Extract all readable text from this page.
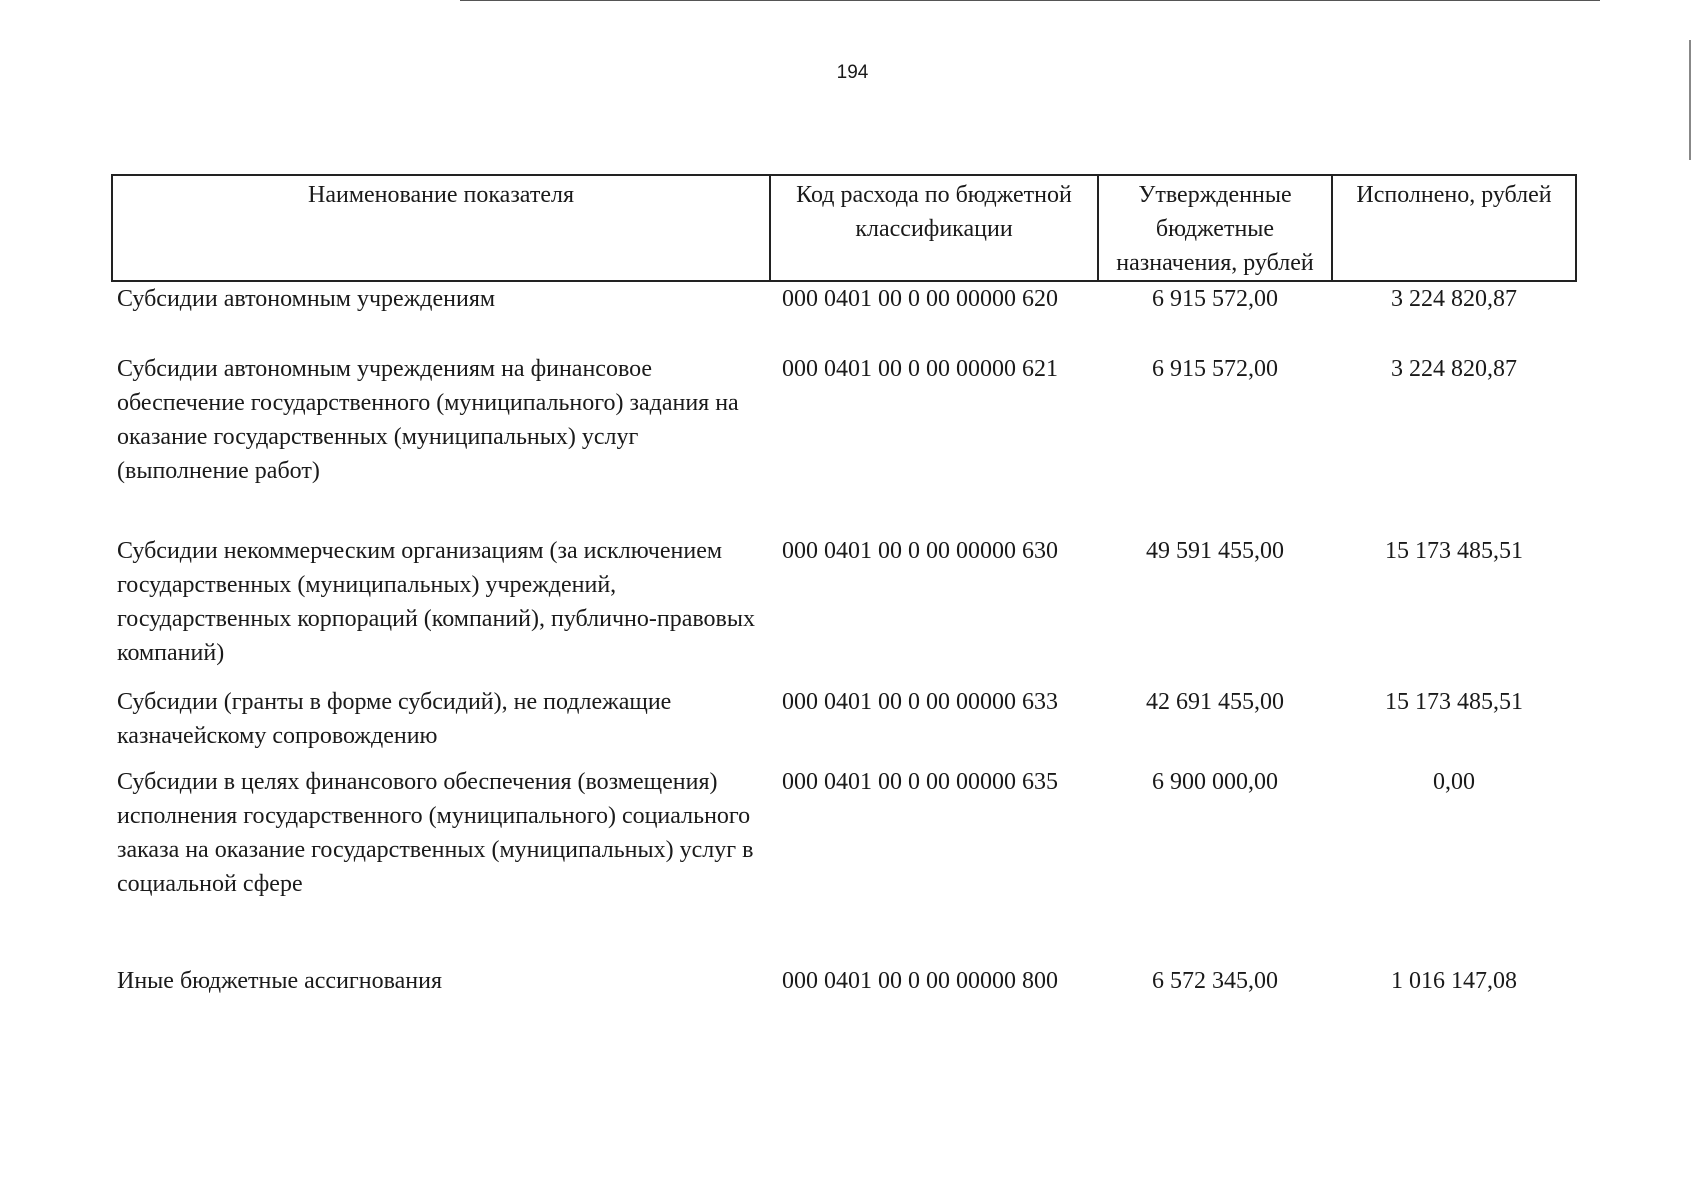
194
Наименование показателя	Код расхода по бюджетной классификации	Утвержденные бюджетные назначения, рублей	Исполнено, рублей
Субсидии автономным учреждениям	000 0401 00 0 00 00000 620	6 915 572,00	3 224 820,87
Субсидии автономным учреждениям на финансовое обеспечение государственного (муниципального) задания на оказание государственных (муниципальных) услуг (выполнение работ)	000 0401 00 0 00 00000 621	6 915 572,00	3 224 820,87
Субсидии некоммерческим организациям (за исключением государственных (муниципальных) учреждений, государственных корпораций (компаний), публично-правовых компаний)	000 0401 00 0 00 00000 630	49 591 455,00	15 173 485,51
Субсидии (гранты в форме субсидий), не подлежащие казначейскому сопровождению	000 0401 00 0 00 00000 633	42 691 455,00	15 173 485,51
Субсидии в целях финансового обеспечения (возмещения) исполнения государственного (муниципального) социального заказа на оказание государственных (муниципальных) услуг в социальной сфере	000 0401 00 0 00 00000 635	6 900 000,00	0,00
Иные бюджетные ассигнования	000 0401 00 0 00 00000 800	6 572 345,00	1 016 147,08
